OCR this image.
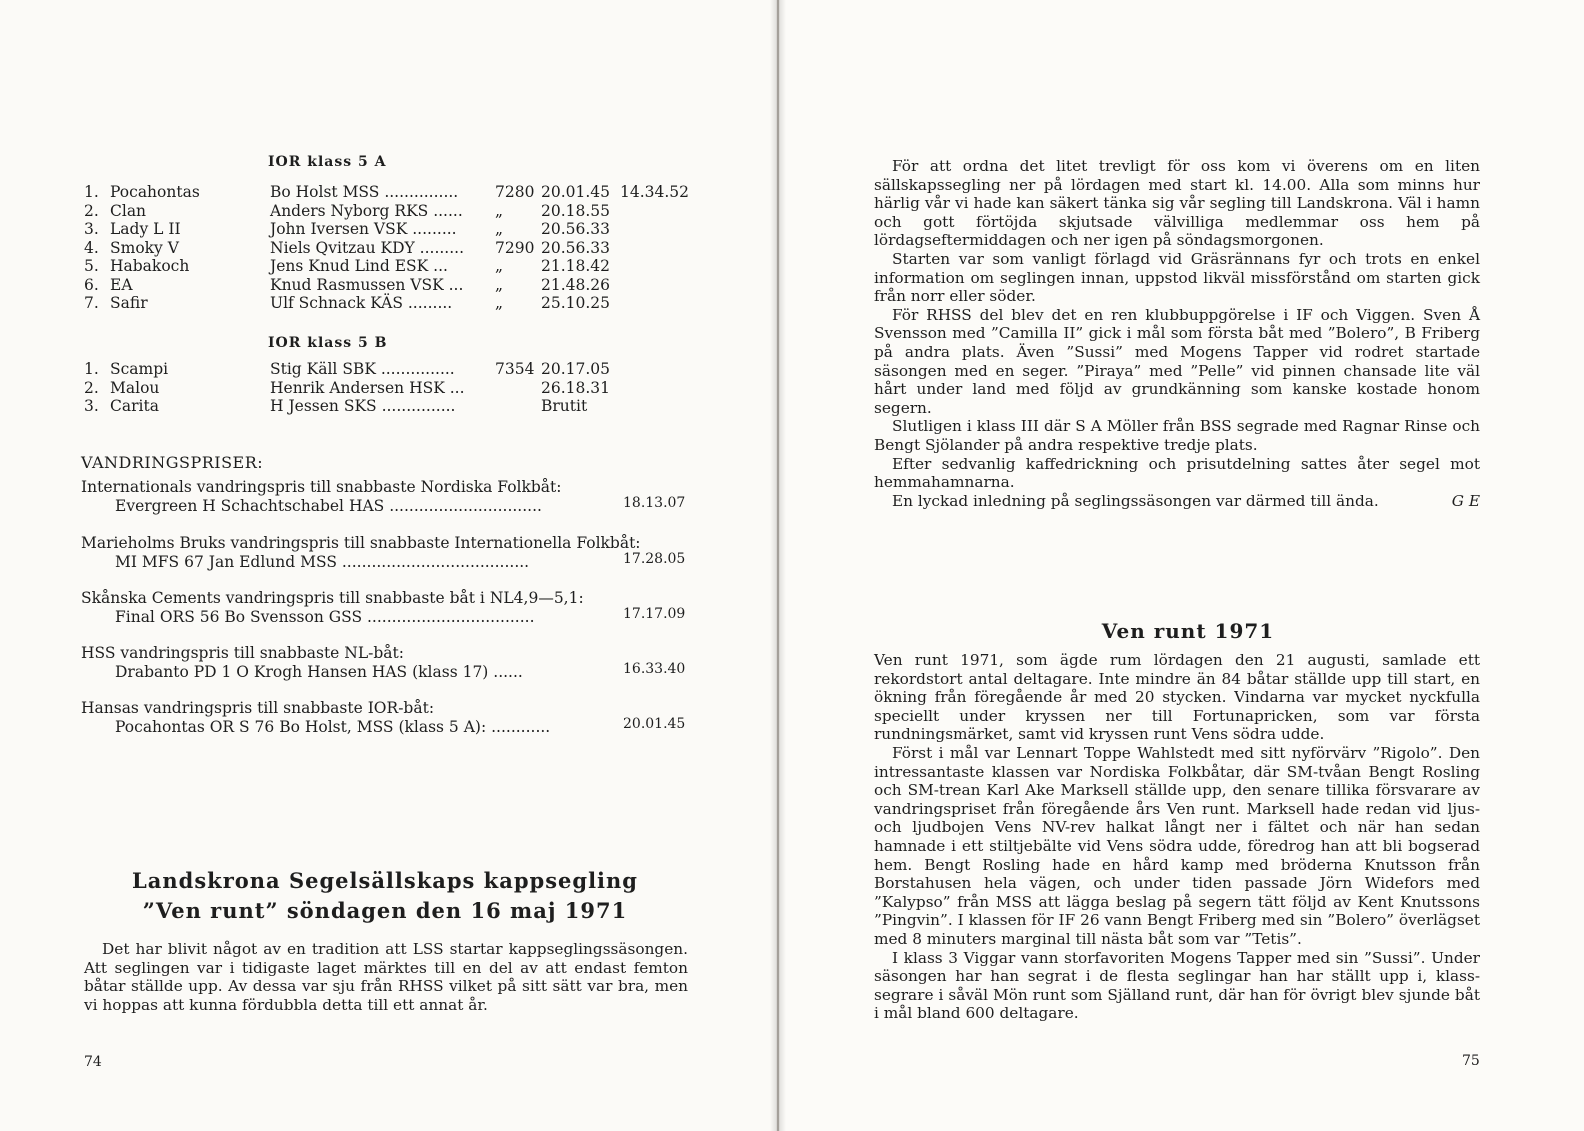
IOR klass 5 A
1. Pocahontas	Bo Holst MSS ............... 7280 20.01.45 14.34.52
2. Clan	Anders Nyborg RKS ...... „ 20.18.55
3. Lady L II	John Iversen VSK ......... „ 20.56.33
4. Smoky V	Niels Qvitzau KDY ......... 7290 20.56.33
5. Habakoch	Jens Knud Lind ESK ...	„ 21.18.42
6. EA	Knud Rasmussen VSK ... „ 21.48.26
7. Safir	Ulf Schnack KÄS .........	„ 25.10.25
IOR klass 5 B
1. Scampi	Stig Käll SBK ...............	7354 20.17.05
2. Malou	Henrik Andersen HSK ...	26.18.31
3. Carita	H Jessen SKS ...............	Brutit
VANDRINGSPRISER:
Internationals vandringspris till snabbaste Nordiska Folkbåt:
Evergreen H Schachtschabel HAS ...............................	18.13.07
Marieholms Bruks vandringspris till snabbaste Internationella Folkbåt:
MI MFS 67 Jan Edlund MSS ......................................	17.28.05
Skånska Cements vandringspris till snabbaste båt i NL4,9—5,1:
Final ORS 56 Bo Svensson GSS ..................................	17.17.09
HSS vandringspris till snabbaste NL-båt:
Drabanto PD 1 O Krogh Hansen HAS (klass 17) ......	16.33.40
Hansas vandringspris till snabbaste IOR-båt:
Pocahontas OR S 76 Bo Holst, MSS (klass 5 A): ............	20.01.45
Landskrona Segelsällskaps kappsegling
”Ven runt” söndagen den 16 maj 1971

Det har blivit något av en tradition att LSS startar kappseglingssäsongen. Att seglingen var i tidigaste laget märktes till en del av att endast femton båtar ställde upp. Av dessa var sju från RHSS vilket på sitt sätt var bra, men vi hoppas att kunna fördubbla detta till ett annat år.

74

För att ordna det litet trevligt för oss kom vi överens om en liten sällskapssegling ner på lördagen med start kl. 14.00. Alla som minns hur härlig vår vi hade kan säkert tänka sig vår segling till Landskrona. Väl i hamn och gott förtöjda skjutsade välvilliga medlemmar oss hem på lördagseftermiddagen och ner igen på söndagsmorgonen.

Starten var som vanligt förlagd vid Gräsrännans fyr och trots en enkel information om seglingen innan, uppstod likväl missförstånd om starten gick från norr eller söder.

För RHSS del blev det en ren klubbuppgörelse i IF och Viggen. Sven Å Svensson med ”Camilla II” gick i mål som första båt med ”Bolero”, B Friberg på andra plats. Även ”Sussi” med Mogens Tapper vid rodret startade säsongen med en seger. ”Piraya” med ”Pelle” vid pinnen chansade lite väl hårt under land med följd av grundkänning som kanske kostade honom segern.

Slutligen i klass III där S A Möller från BSS segrade med Ragnar Rinse och Bengt Sjölander på andra respektive tredje plats.

Efter sedvanlig kaffedrickning och prisutdelning sattes åter segel mot hemmahamnarna.

En lyckad inledning på seglingssäsongen var därmed till ända.	G E

Ven runt 1971

Ven runt 1971, som ägde rum lördagen den 21 augusti, samlade ett rekordstort antal deltagare. Inte mindre än 84 båtar ställde upp till start, en ökning från föregående år med 20 stycken. Vindarna var mycket nyckfulla speciellt under kryssen ner till Fortunapricken, som var första rundningsmärket, samt vid kryssen runt Vens södra udde.

Först i mål var Lennart Toppe Wahlstedt med sitt nyförvärv ”Rigolo”. Den intressantaste klassen var Nordiska Folkbåtar, där SM-tvåan Bengt Rosling och SM-trean Karl Ake Marksell ställde upp, den senare tillika försvarare av vandringspriset från föregående års Ven runt. Marksell hade redan vid ljus- och ljudbojen Vens NV-rev halkat långt ner i fältet och när han sedan hamnade i ett stiltjebälte vid Vens södra udde, föredrog han att bli bogserad hem. Bengt Rosling hade en hård kamp med bröderna Knutsson från Borstahusen hela vägen, och under tiden passade Jörn Widefors med ”Kalypso” från MSS att lägga beslag på segern tätt följd av Kent Knutssons ”Pingvin”. I klassen för IF 26 vann Bengt Friberg med sin ”Bolero” överlägset med 8 minuters marginal till nästa båt som var ”Tetis”.

I klass 3 Viggar vann storfavoriten Mogens Tapper med sin ”Sussi”. Under säsongen har han segrat i de flesta seglingar han har ställt upp i, klass-segrare i såväl Mön runt som Själland runt, där han för övrigt blev sjunde båt i mål bland 600 deltagare.

75
